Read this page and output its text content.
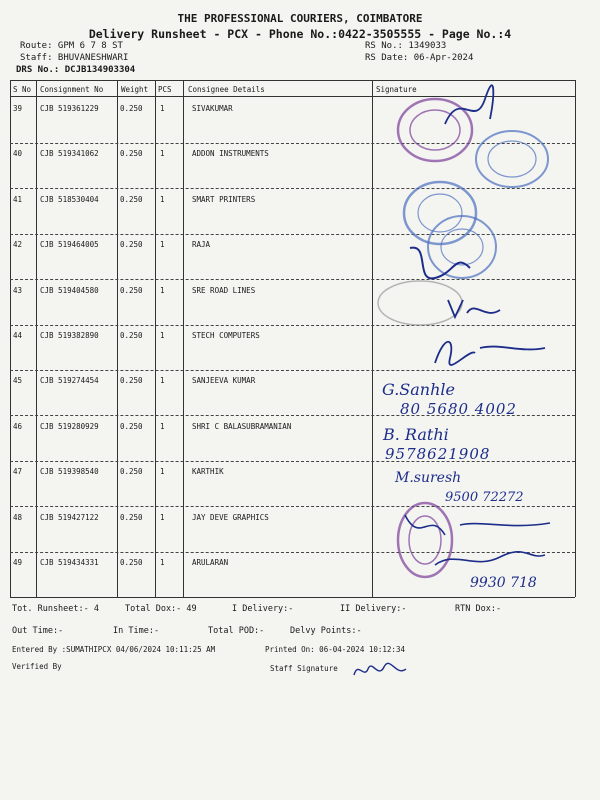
THE PROFESSIONAL COURIERS, COIMBATORE
Delivery Runsheet - PCX - Phone No.:0422-3505555 - Page No.:4
Route: GPM 6 7 8 ST
Staff: BHUVANESHWARI
DRS No.: DCJB134903304
RS No.: 1349033
RS Date: 06-Apr-2024
S No Consignment No Weight PCS Consignee Details	Signature
39 CJB 519361229	0.250 1	SIVAKUMAR
40 CJB 519341062	0.250 1	ADDON INSTRUMENTS
41 CJB 518530404	0.250 1	SMART PRINTERS
42 CJB 519464005	0.250 1	RAJA
43 CJB 519404580	0.250 1	SRE ROAD LINES
44 CJB 519382890	0.250 1	STECH COMPUTERS
45 CJB 519274454	0.250 1	SANJEEVA KUMAR
46 CJB 519280929	0.250 1	SHRI C BALASUBRAMANIAN
47 CJB 519398540	0.250 1	KARTHIK
48 CJB 519427122	0.250 1	JAY DEVE GRAPHICS
49 CJB 519434331	0.250 1	ARULARAN
G.Sanhle
80 5680 4002
B. Rathi
9578621908
M.suresh
9500 72272
9930 718
Tot. Runsheet:- 4	Total Dox:- 49	I Delivery:-	II Delivery:-	RTN Dox:-
Out Time:-	In Time:-	Total POD:-	Delvy Points:-
Entered By :SUMATHIPCX 04/06/2024 10:11:25 AM	Printed On: 06-04-2024 10:12:34
Verified By	Staff Signature
